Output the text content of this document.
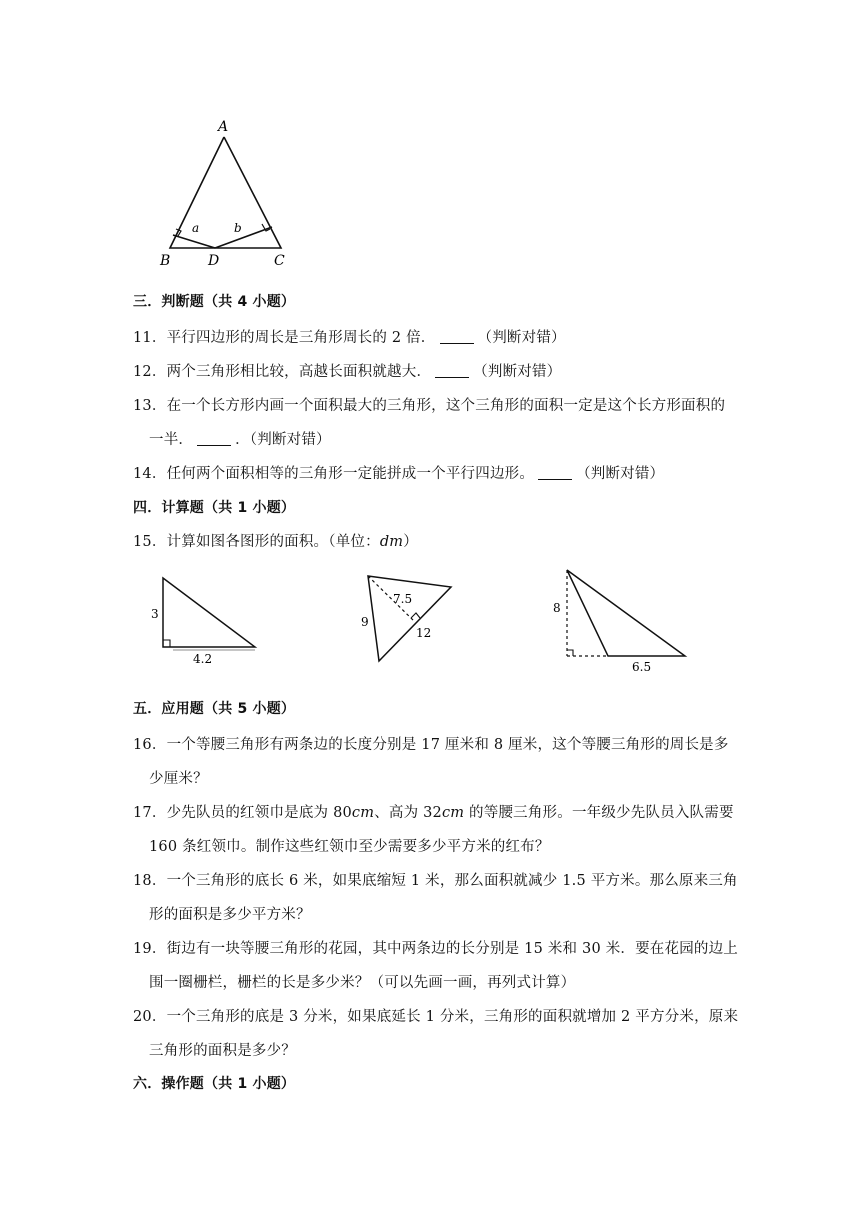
A
B	D	C
a	b
三．判断题（共 4 小题）
11．平行四边形的周长是三角形周长的 2 倍．	（判断对错）
12．两个三角形相比较，高越长面积就越大．	（判断对错）
13．在一个长方形内画一个面积最大的三角形，这个三角形的面积一定是这个长方形面积的
一半．	．（判断对错）
14．任何两个面积相等的三角形一定能拼成一个平行四边形。	（判断对错）
四．计算题（共 1 小题）
15．计算如图各图形的面积。（单位：dm）
3
4.2
7.5
9
12
8
6.5
五．应用题（共 5 小题）
16．一个等腰三角形有两条边的长度分别是 17 厘米和 8 厘米，这个等腰三角形的周长是多
少厘米？
17．少先队员的红领巾是底为 80cm、高为 32cm 的等腰三角形。一年级少先队员入队需要
160 条红领巾。制作这些红领巾至少需要多少平方米的红布？
18．一个三角形的底长 6 米，如果底缩短 1 米，那么面积就减少 1.5 平方米。那么原来三角
形的面积是多少平方米？
19．街边有一块等腰三角形的花园，其中两条边的长分别是 15 米和 30 米．要在花园的边上
围一圈栅栏，栅栏的长是多少米？（可以先画一画，再列式计算）
20．一个三角形的底是 3 分米，如果底延长 1 分米，三角形的面积就增加 2 平方分米，原来
三角形的面积是多少？
六．操作题（共 1 小题）
